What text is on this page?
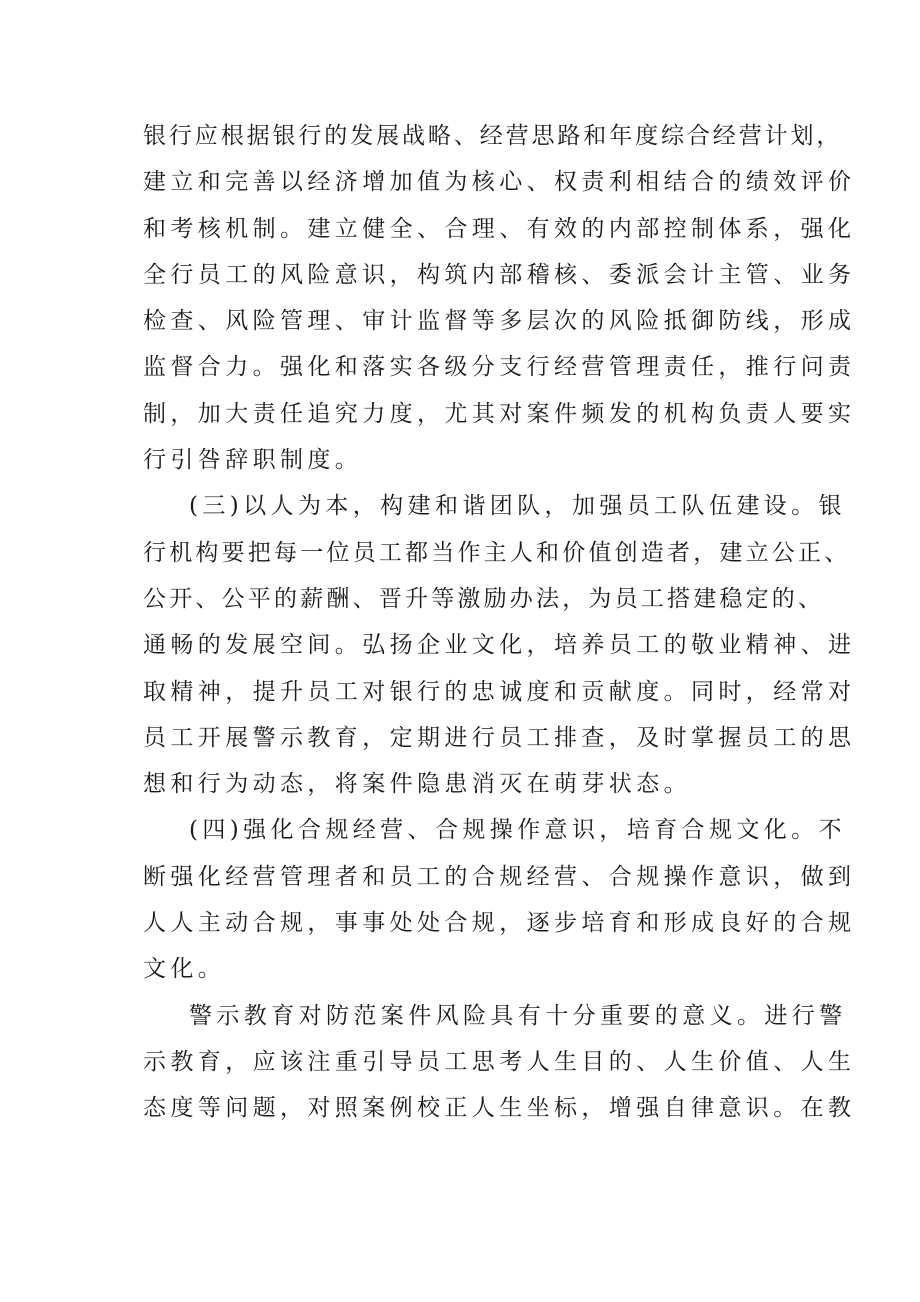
银行应根据银行的发展战略、经营思路和年度综合经营计划，
建立和完善以经济增加值为核心、权责利相结合的绩效评价
和考核机制。建立健全、合理、有效的内部控制体系，强化
全行员工的风险意识，构筑内部稽核、委派会计主管、业务
检查、风险管理、审计监督等多层次的风险抵御防线，形成
监督合力。强化和落实各级分支行经营管理责任，推行问责
制，加大责任追究力度，尤其对案件频发的机构负责人要实
行引咎辞职制度。
(三)以人为本，构建和谐团队，加强员工队伍建设。银
行机构要把每一位员工都当作主人和价值创造者，建立公正、
公开、公平的薪酬、晋升等激励办法，为员工搭建稳定的、
通畅的发展空间。弘扬企业文化，培养员工的敬业精神、进
取精神，提升员工对银行的忠诚度和贡献度。同时，经常对
员工开展警示教育，定期进行员工排查，及时掌握员工的思
想和行为动态，将案件隐患消灭在萌芽状态。
(四)强化合规经营、合规操作意识，培育合规文化。不
断强化经营管理者和员工的合规经营、合规操作意识，做到
人人主动合规，事事处处合规，逐步培育和形成良好的合规
文化。
警示教育对防范案件风险具有十分重要的意义。进行警
示教育，应该注重引导员工思考人生目的、人生价值、人生
态度等问题，对照案例校正人生坐标，增强自律意识。在教
